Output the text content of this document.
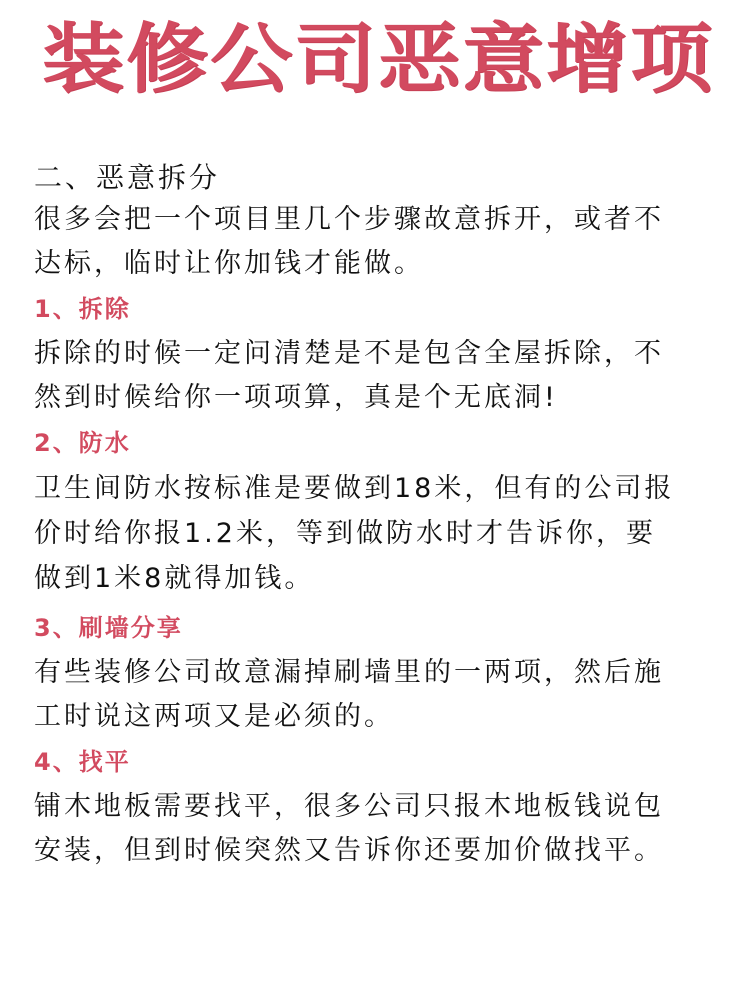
装修公司恶意增项

二、恶意拆分

很多会把一个项目里几个步骤故意拆开，或者不

达标，临时让你加钱才能做。

1、拆除

拆除的时候一定问清楚是不是包含全屋拆除，不

然到时候给你一项项算，真是个无底洞!

2、防水

卫生间防水按标准是要做到18米，但有的公司报

价时给你报1.2米，等到做防水时才告诉你，要

做到1米8就得加钱。

3、刷墙分享

有些装修公司故意漏掉刷墙里的一两项，然后施

工时说这两项又是必须的。

4、找平

铺木地板需要找平，很多公司只报木地板钱说包

安装，但到时候突然又告诉你还要加价做找平。
